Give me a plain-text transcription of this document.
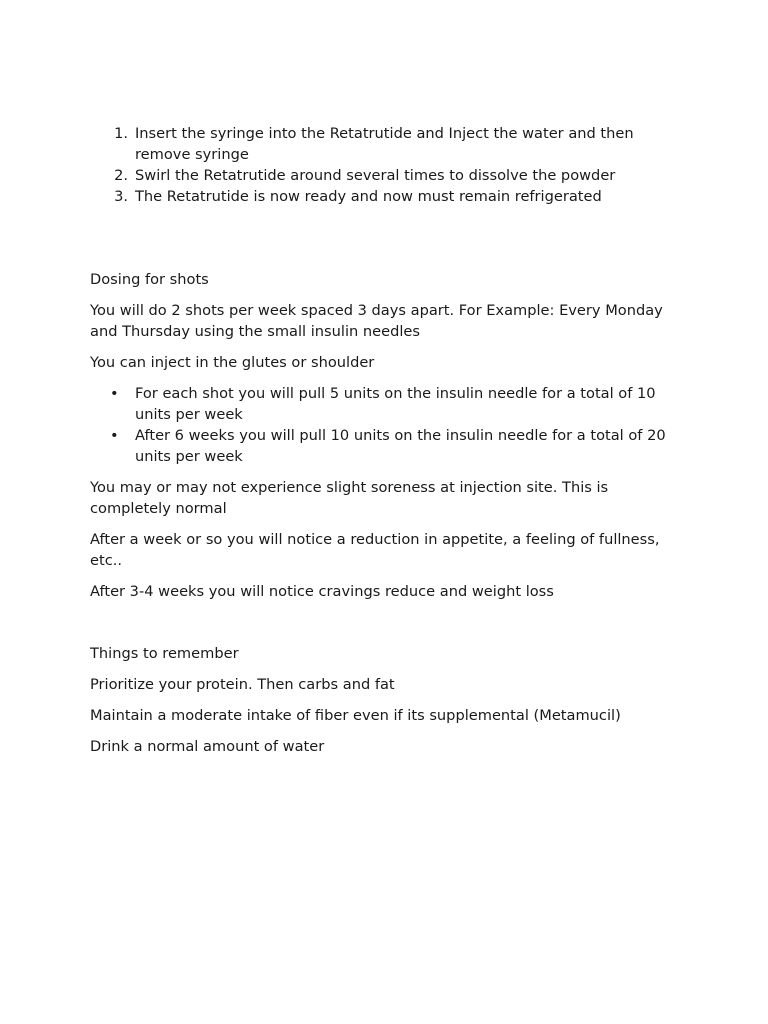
1. Insert the syringe into the Retatrutide and Inject the water and then remove syringe
2. Swirl the Retatrutide around several times to dissolve the powder
3. The Retatrutide is now ready and now must remain refrigerated

Dosing for shots

You will do 2 shots per week spaced 3 days apart. For Example: Every Monday and Thursday using the small insulin needles

You can inject in the glutes or shoulder

•	For each shot you will pull 5 units on the insulin needle for a total of 10 units per week
•	After 6 weeks you will pull 10 units on the insulin needle for a total of 20 units per week

You may or may not experience slight soreness at injection site. This is completely normal

After a week or so you will notice a reduction in appetite, a feeling of fullness, etc..

After 3-4 weeks you will notice cravings reduce and weight loss

Things to remember

Prioritize your protein. Then carbs and fat

Maintain a moderate intake of fiber even if its supplemental (Metamucil)

Drink a normal amount of water
